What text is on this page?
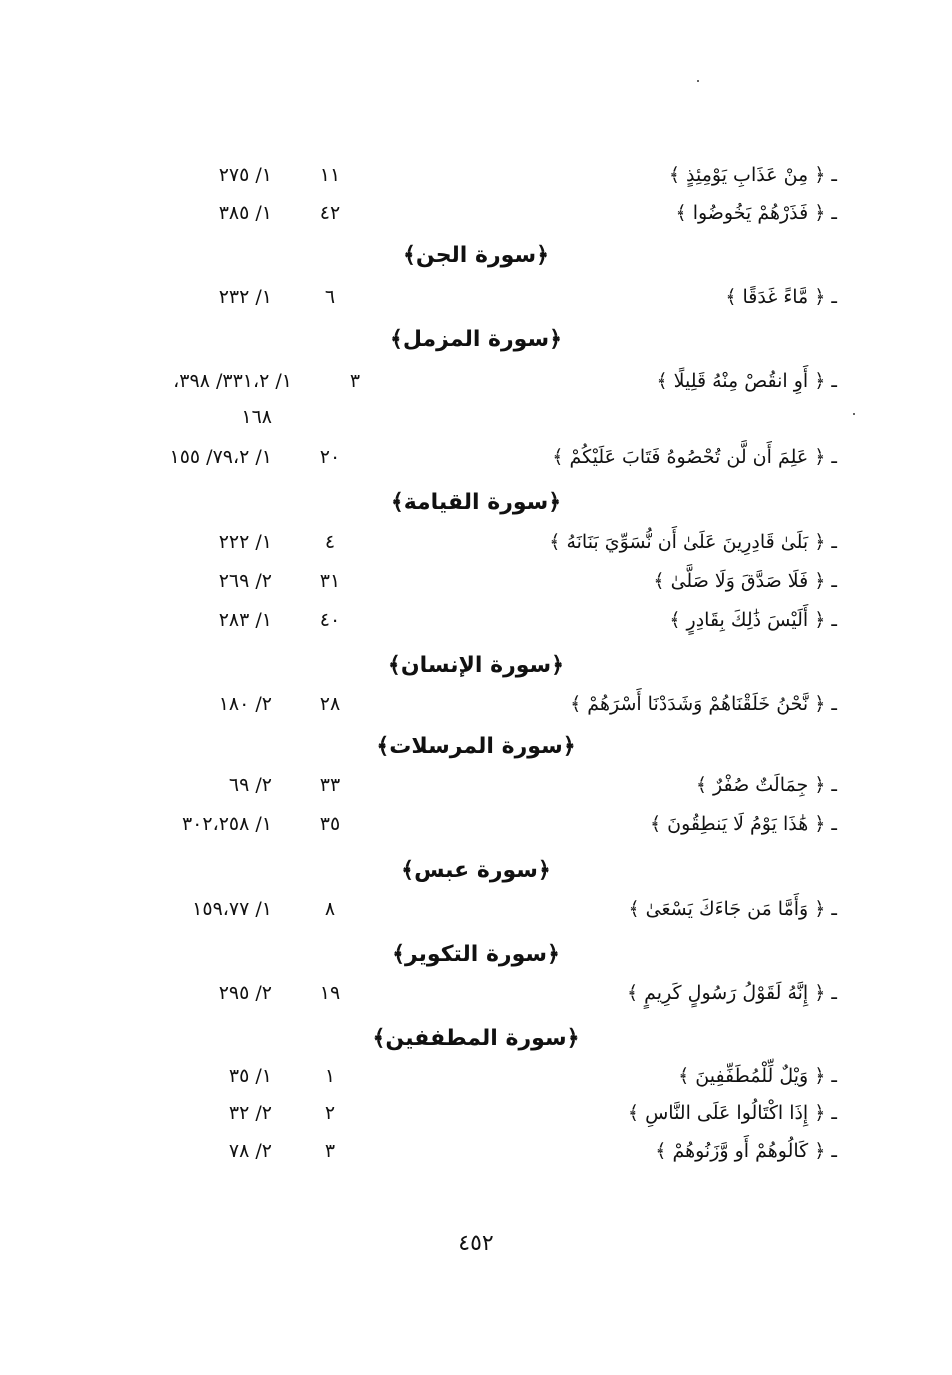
ـ ﴿ مِنْ عَذَابِ يَوْمِئِذٍ ﴾
١١
١/ ٢٧٥
ـ ﴿ فَذَرْهُمْ يَخُوضُوا ﴾
٤٢
١/ ٣٨٥
﴿سورة الجن﴾
ـ ﴿ مَّاءً غَدَقًا ﴾
٦
١/ ٢٣٢
﴿سورة المزمل﴾
ـ ﴿ أَوِ انقُصْ مِنْهُ قَلِيلًا ﴾
٣
١/ ٣٣١،٢/ ٣٩٨،
١٦٨
ـ ﴿ عَلِمَ أَن لَّن تُحْصُوهُ فَتَابَ عَلَيْكُمْ ﴾
٢٠
١/ ٧٩،٢/ ١٥٥
﴿سورة القيامة﴾
ـ ﴿ بَلَىٰ قَادِرِينَ عَلَىٰ أَن نُّسَوِّيَ بَنَانَهُ ﴾
٤
١/ ٢٢٢
ـ ﴿ فَلَا صَدَّقَ وَلَا صَلَّىٰ ﴾
٣١
٢/ ٢٦٩
ـ ﴿ أَلَيْسَ ذَٰلِكَ بِقَادِرٍ ﴾
٤٠
١/ ٢٨٣
﴿سورة الإنسان﴾
ـ ﴿ نَّحْنُ خَلَقْنَاهُمْ وَشَدَدْنَا أَسْرَهُمْ ﴾
٢٨
٢/ ١٨٠
﴿سورة المرسلات﴾
ـ ﴿ جِمَالَتٌ صُفْرٌ ﴾
٣٣
٢/ ٦٩
ـ ﴿ هَٰذَا يَوْمُ لَا يَنطِقُونَ ﴾
٣٥
١/ ٣٠٢،٢٥٨
﴿سورة عبس﴾
ـ ﴿ وَأَمَّا مَن جَاءَكَ يَسْعَىٰ ﴾
٨
١/ ١٥٩،٧٧
﴿سورة التكوير﴾
ـ ﴿ إِنَّهُ لَقَوْلُ رَسُولٍ كَرِيمٍ ﴾
١٩
٢/ ٢٩٥
﴿سورة المطففين﴾
ـ ﴿ وَيْلٌ لِّلْمُطَفِّفِينَ ﴾
١
١/ ٣٥
ـ ﴿ إِذَا اكْتَالُوا عَلَى النَّاسِ ﴾
٢
٢/ ٣٢
ـ ﴿ كَالُوهُمْ أَو وَّزَنُوهُمْ ﴾
٣
٢/ ٧٨
٤٥٢
